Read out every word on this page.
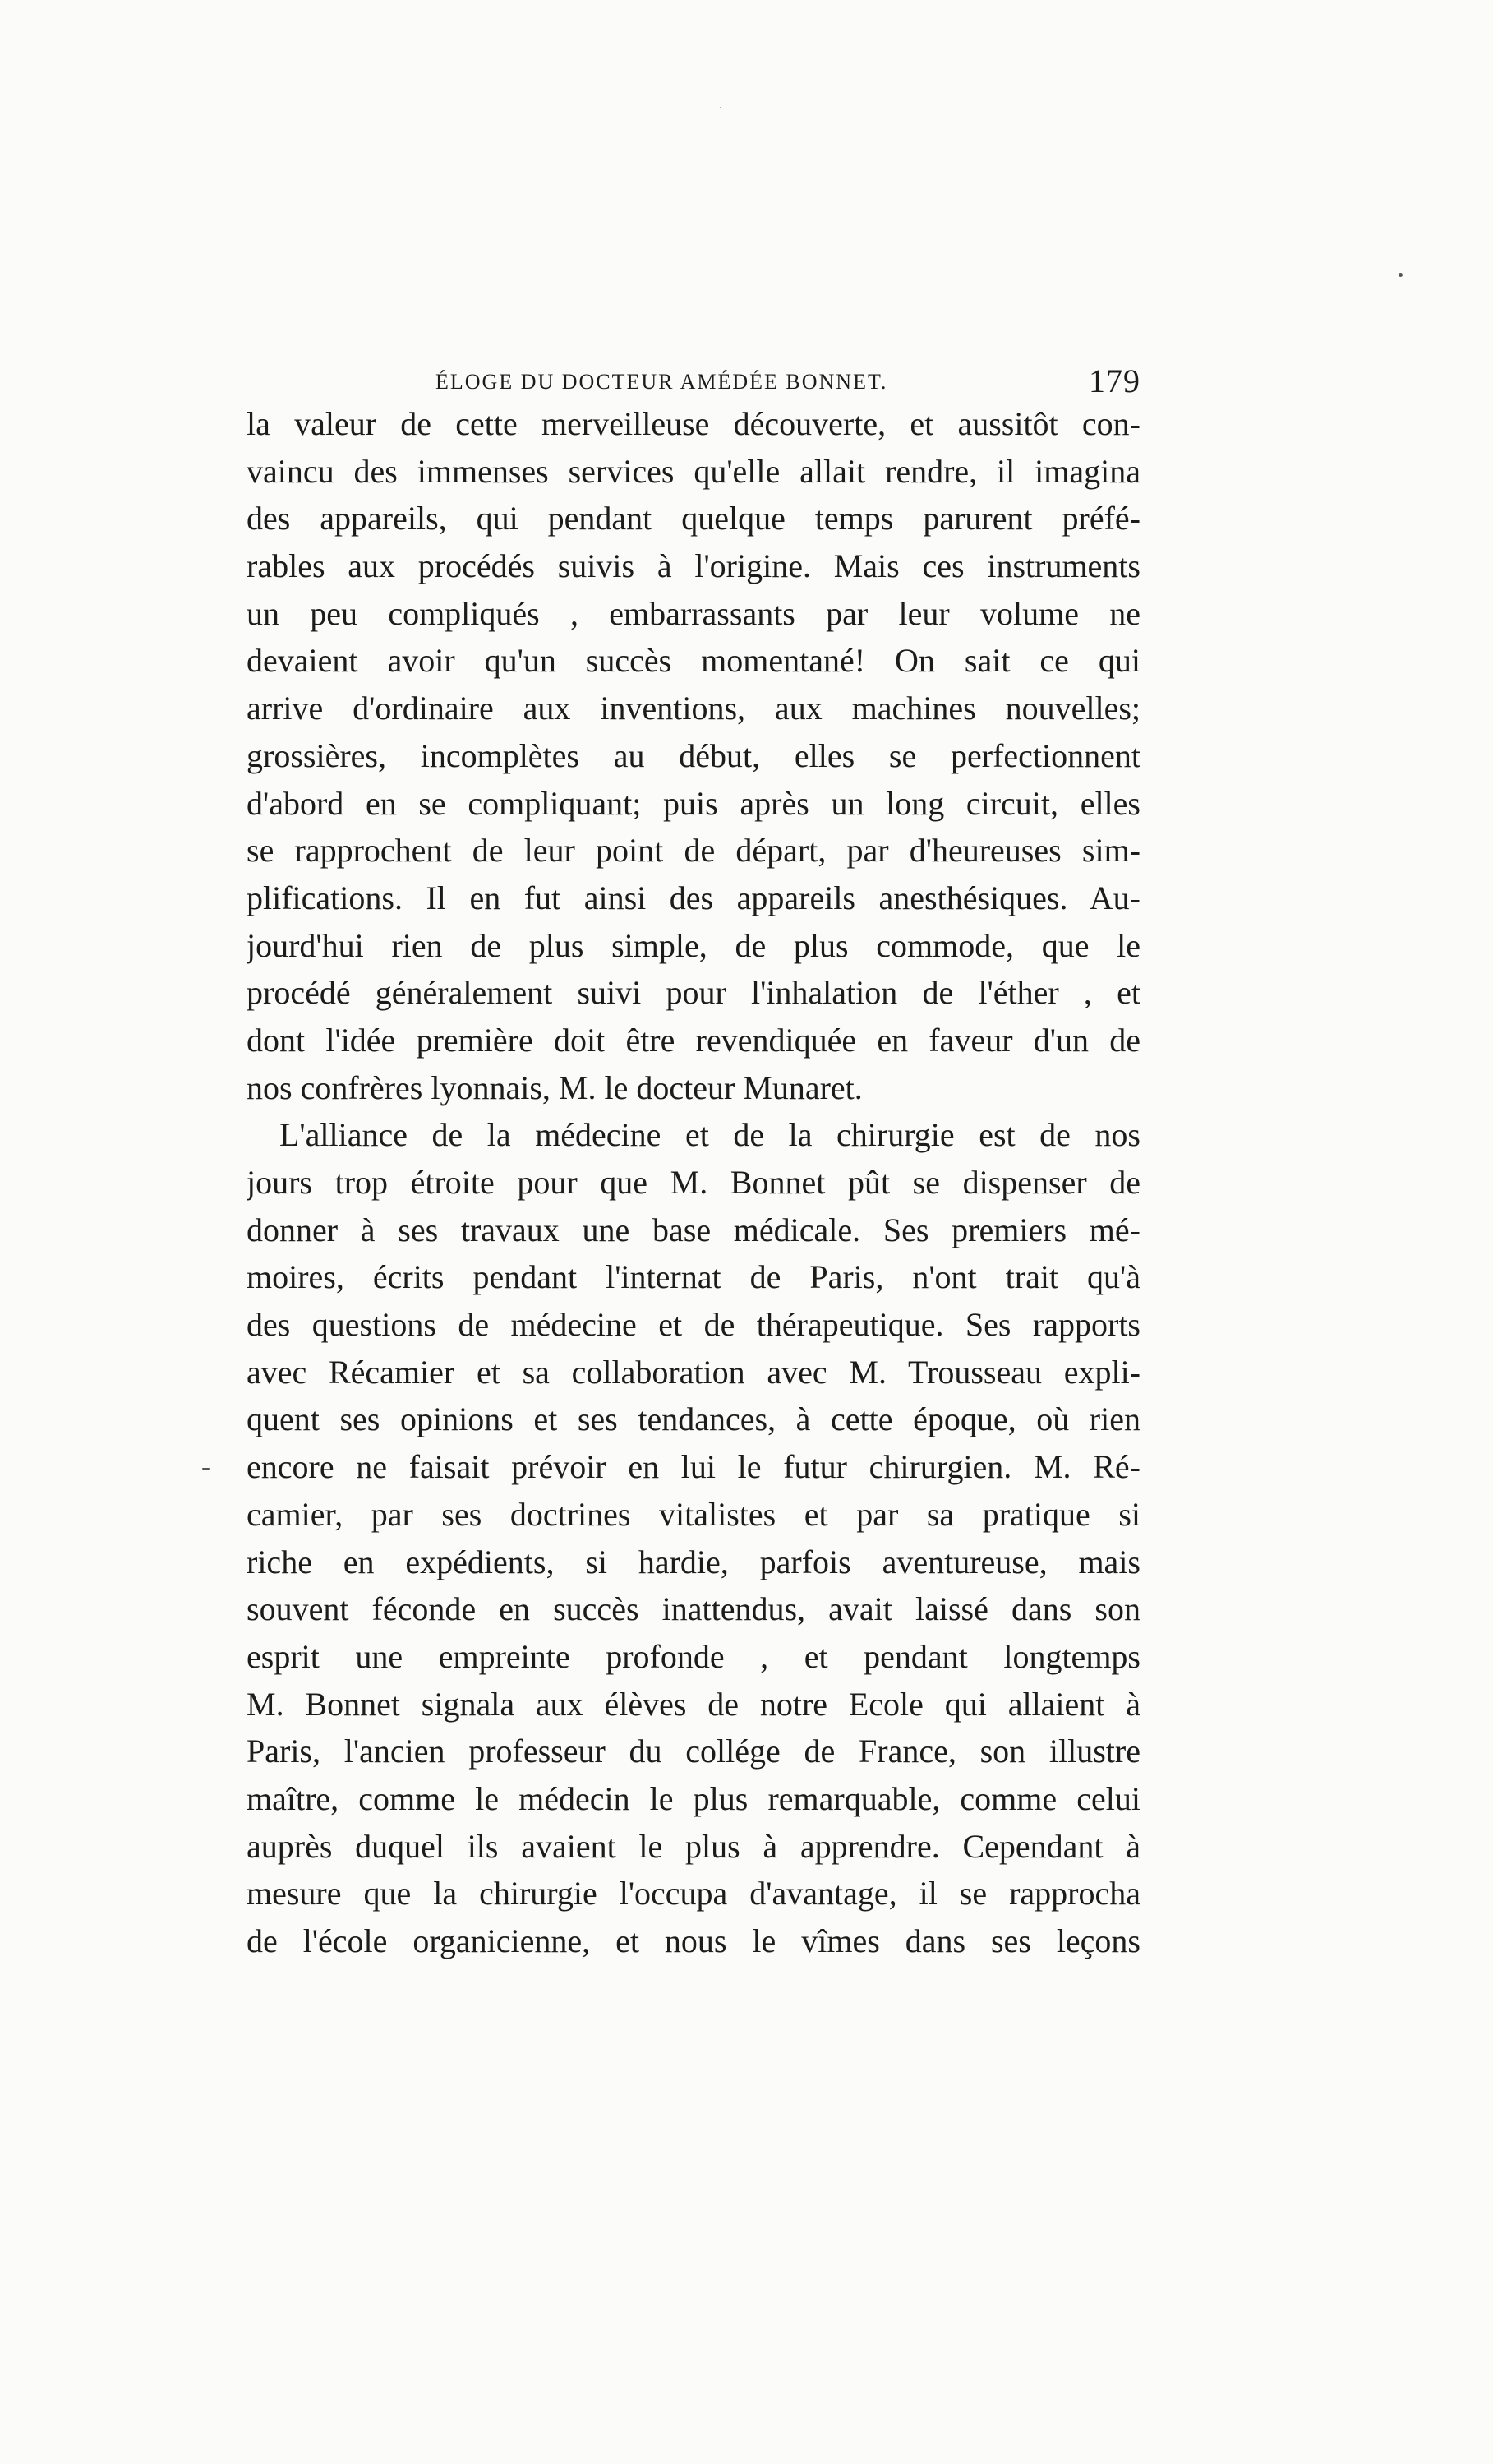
ÉLOGE DU DOCTEUR AMÉDÉE BONNET.	179
la valeur de cette merveilleuse découverte, et aussitôt con-
vaincu des immenses services qu'elle allait rendre, il imagina
des appareils, qui pendant quelque temps parurent préfé-
rables aux procédés suivis à l'origine. Mais ces instruments
un peu compliqués , embarrassants par leur volume ne
devaient avoir qu'un succès momentané! On sait ce qui
arrive d'ordinaire aux inventions, aux machines nouvelles;
grossières, incomplètes au début, elles se perfectionnent
d'abord en se compliquant; puis après un long circuit, elles
se rapprochent de leur point de départ, par d'heureuses sim-
plifications. Il en fut ainsi des appareils anesthésiques. Au-
jourd'hui rien de plus simple, de plus commode, que le
procédé généralement suivi pour l'inhalation de l'éther , et
dont l'idée première doit être revendiquée en faveur d'un de
nos confrères lyonnais, M. le docteur Munaret.
L'alliance de la médecine et de la chirurgie est de nos
jours trop étroite pour que M. Bonnet pût se dispenser de
donner à ses travaux une base médicale. Ses premiers mé-
moires, écrits pendant l'internat de Paris, n'ont trait qu'à
des questions de médecine et de thérapeutique. Ses rapports
avec Récamier et sa collaboration avec M. Trousseau expli-
quent ses opinions et ses tendances, à cette époque, où rien
encore ne faisait prévoir en lui le futur chirurgien. M. Ré-
camier, par ses doctrines vitalistes et par sa pratique si
riche en expédients, si hardie, parfois aventureuse, mais
souvent féconde en succès inattendus, avait laissé dans son
esprit une empreinte profonde , et pendant longtemps
M. Bonnet signala aux élèves de notre Ecole qui allaient à
Paris, l'ancien professeur du collége de France, son illustre
maître, comme le médecin le plus remarquable, comme celui
auprès duquel ils avaient le plus à apprendre. Cependant à
mesure que la chirurgie l'occupa d'avantage, il se rapprocha
de l'école organicienne, et nous le vîmes dans ses leçons
